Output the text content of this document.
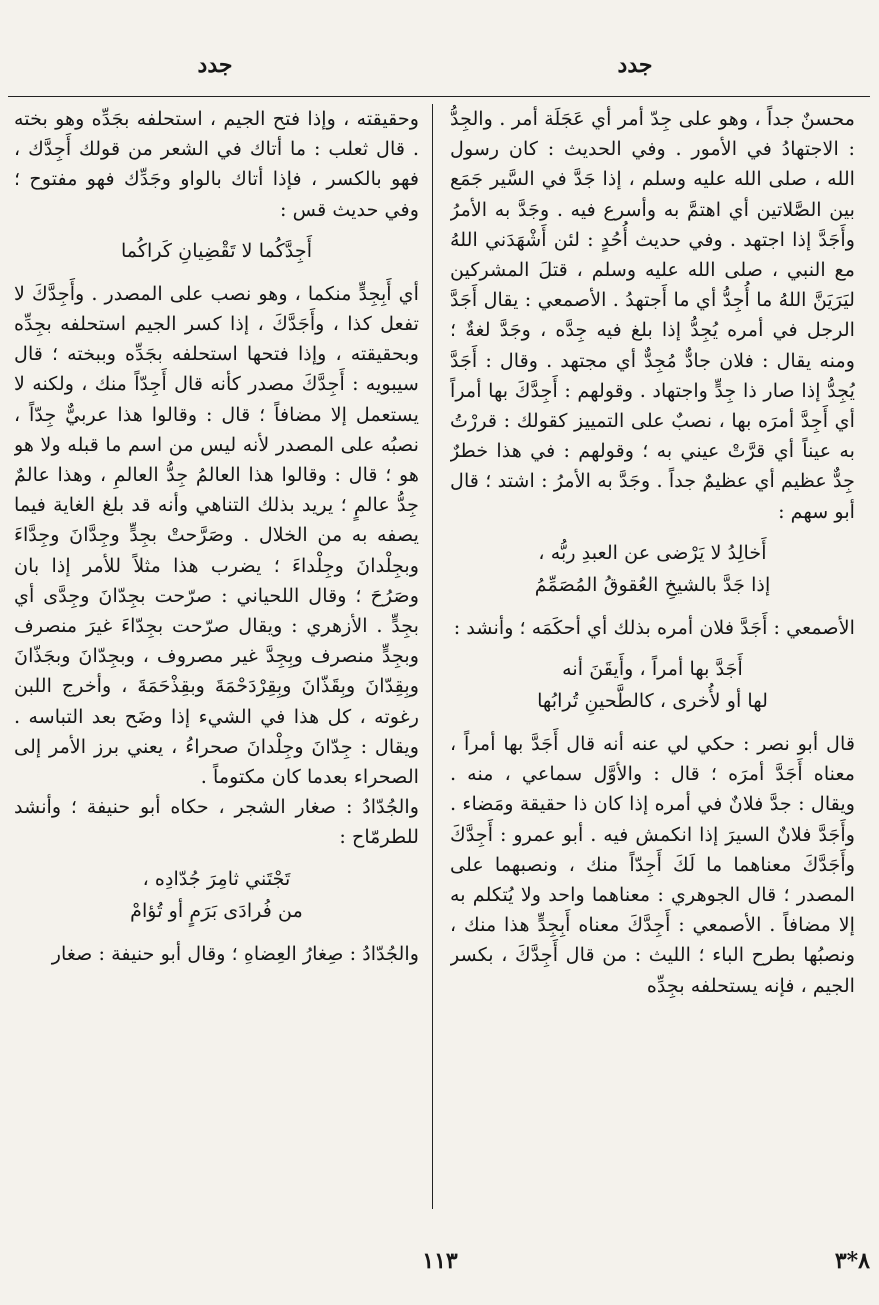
جدد
جدد

محسنٌ جداً ، وهو على جِدّ أمر أي عَجَلَة أمر . والجِدُّ : الاجتهادُ في الأمور . وفي الحديث : كان رسول الله ، صلى الله عليه وسلم ، إذا جَدَّ في السَّير جَمَع بين الصَّلاتين أي اهتمَّ به وأسرع فيه . وجَدَّ به الأمرُ وأَجَدَّ إذا اجتهد . وفي حديث أُحُدٍ : لئن أَشْهَدَني اللهُ مع النبي ، صلى الله عليه وسلم ، قتلَ المشركين ليَرَيَنَّ اللهُ ما أُجِدُّ أي ما أَجتهدُ . الأصمعي : يقال أَجَدَّ الرجل في أمره يُجِدُّ إذا بلغ فيه جِدَّه ، وجَدَّ لغةٌ ؛ ومنه يقال : فلان جادٌّ مُجِدٌّ أي مجتهد . وقال : أَجَدَّ يُجِدُّ إذا صار ذا جِدٍّ واجتهاد . وقولهم : أَجِدَّكَ بها أمراً أي أَجِدَّ أمرَه بها ، نصبٌ على التمييز كقولك : قررْتُ به عيناً أي قرَّتْ عيني به ؛ وقولهم : في هذا خطرٌ جِدٌّ عظيم أي عظيمٌ جداً . وجَدَّ به الأمرُ : اشتد ؛ قال أبو سهم :

أَخالِدُ لا يَرْضى عن العبدِ ربُّه ،
إذا جَدَّ بالشيخِ العُقوقُ المُصَمِّمُ

الأصمعي : أَجَدَّ فلان أمره بذلك أي أحكَمَه ؛ وأنشد :

أَجَدَّ بها أمراً ، وأَيقَنَ أنه
لها أو لأُخرى ، كالطَّحينِ تُرابُها

قال أبو نصر : حكي لي عنه أنه قال أَجَدَّ بها أمراً ، معناه أَجَدَّ أمرَه ؛ قال : والأوَّل سماعي ، منه . ويقال : جدَّ فلانٌ في أمره إذا كان ذا حقيقة ومَضاء . وأَجَدَّ فلانٌ السيرَ إذا انكمش فيه . أبو عمرو : أَجِدَّكَ وأَجَدَّكَ معناهما ما لَكَ أَجِدّاً منك ، ونصبهما على المصدر ؛ قال الجوهري : معناهما واحد ولا يُتكلم به إلا مضافاً . الأصمعي : أَجِدَّكَ معناه أَبِجِدٍّ هذا منك ، ونصبُها بطرح الباء ؛ الليث : من قال أَجِدَّكَ ، بكسر الجيم ، فإنه يستحلفه بجِدِّه

وحقيقته ، وإذا فتح الجيم ، استحلفه بجَدِّه وهو بخته . قال ثعلب : ما أتاك في الشعر من قولك أَجِدَّك ، فهو بالكسر ، فإذا أتاك بالواو وجَدِّك فهو مفتوح ؛ وفي حديث قس :

أَجِدَّكُما لا تَقْضِيانِ كَراكُما

أي أَبِجِدٍّ منكما ، وهو نصب على المصدر . وأَجِدَّكَ لا تفعل كذا ، وأَجَدَّكَ ، إذا كسر الجيم استحلفه بجِدِّه وبحقيقته ، وإذا فتحها استحلفه بجَدِّه وببخته ؛ قال سيبويه : أَجِدَّكَ مصدر كأنه قال أَجِدّاً منك ، ولكنه لا يستعمل إلا مضافاً ؛ قال : وقالوا هذا عربيٌّ جِدّاً ، نصبُه على المصدر لأنه ليس من اسم ما قبله ولا هو هو ؛ قال : وقالوا هذا العالمُ جِدُّ العالمِ ، وهذا عالمٌ جِدُّ عالمٍ ؛ يريد بذلك التناهي وأنه قد بلغ الغاية فيما يصفه به من الخلال . وصَرَّحتْ بجِدٍّ وجِدَّانَ وجِدَّاءَ وبجِلْدانَ وجِلْداءَ ؛ يضرب هذا مثلاً للأمر إذا بان وصَرُحَ ؛ وقال اللحياني : صرّحت بجِدّانَ وجِدَّى أي بجِدٍّ . الأزهري : ويقال صرّحت بجِدّاءَ غيرَ منصرف وبجِدٍّ منصرف وبِجِدَّ غير مصروف ، وبجِدّانَ وبجَذّانَ وبِقِدّانَ وبِقَذّانَ وبِقِرْدَحْمَةَ وبقِذْحَمَةَ ، وأخرج اللبن رغوته ، كل هذا في الشيء إذا وضَح بعد التباسه . ويقال : جِدّانَ وجِلْدانَ صحراءُ ، يعني برز الأمر إلى الصحراء بعدما كان مكتوماً .

والجُدّادُ : صغار الشجر ، حكاه أبو حنيفة ؛ وأنشد للطرمّاح :

تَجْتَني ثامِرَ جُدّادِه ،
من فُرادَى بَرَمٍ أو تُؤامْ

والجُدّادُ : صِغارُ العِضاهِ ؛ وقال أبو حنيفة : صغار

١١٣	٨*٣
